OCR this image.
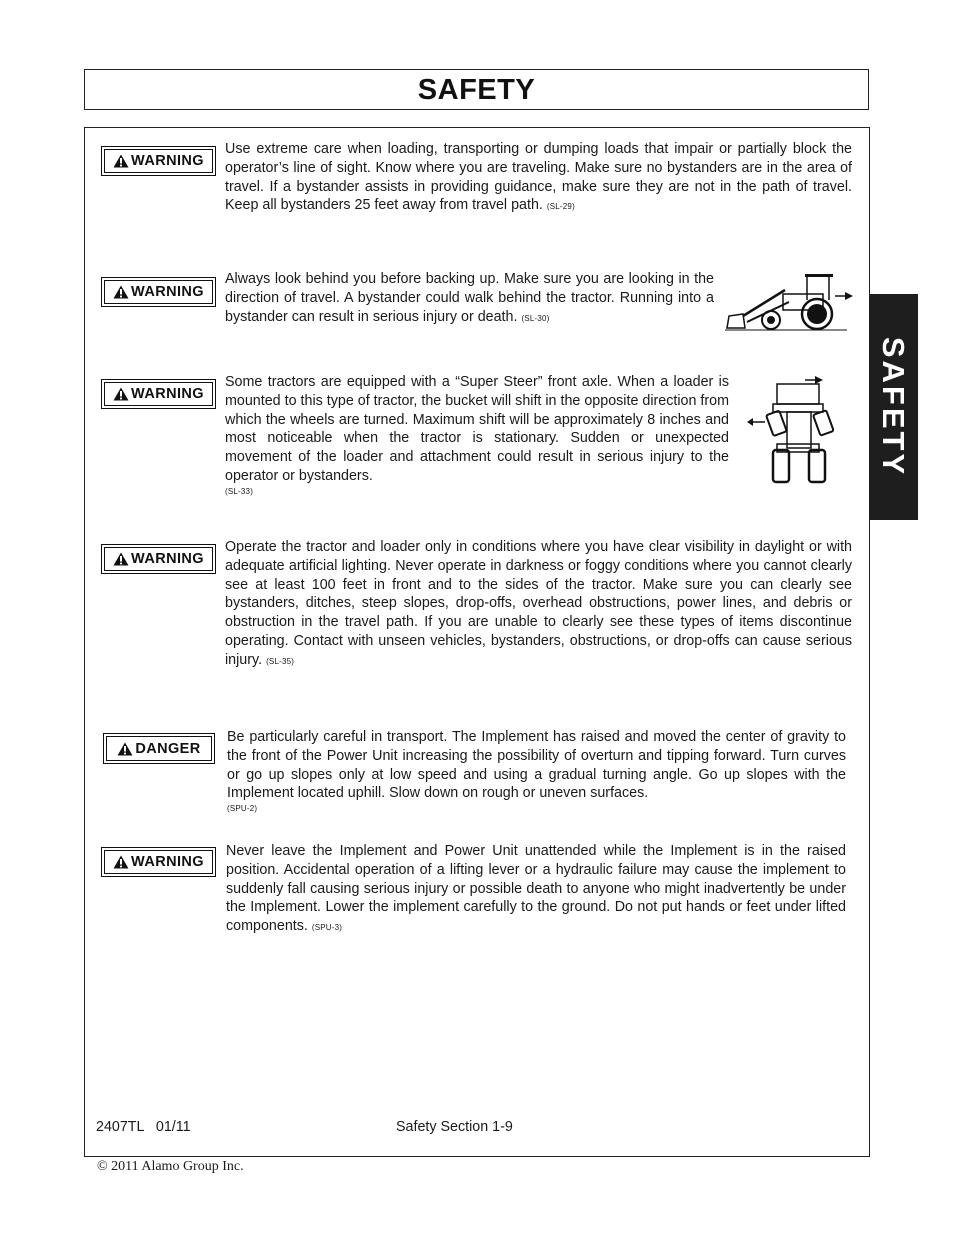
SAFETY
SAFETY
WARNING
Use extreme care when loading, transporting or dumping loads that impair or partially block the operator’s line of sight. Know where you are traveling. Make sure no bystanders are in the area of travel. If a bystander assists in providing guidance, make sure they are not in the path of travel. Keep all bystanders 25 feet away from travel path. (SL-29)
WARNING
Always look behind you before backing up. Make sure you are looking in the direction of travel. A bystander could walk behind the tractor. Running into a bystander can result in serious injury or death. (SL-30)
WARNING
Some tractors are equipped with a “Super Steer” front axle. When a loader is mounted to this type of tractor, the bucket will shift in the opposite direction from which the wheels are turned. Maximum shift will be approximately 8 inches and most noticeable when the tractor is stationary. Sudden or unexpected movement of the loader and attachment could result in serious injury to the operator or bystanders.
(SL-33)
WARNING
Operate the tractor and loader only in conditions where you have clear visibility in daylight or with adequate artificial lighting. Never operate in darkness or foggy conditions where you cannot clearly see at least 100 feet in front and to the sides of the tractor. Make sure you can clearly see bystanders, ditches, steep slopes, drop-offs, overhead obstructions, power lines, and debris or obstruction in the travel path. If you are unable to clearly see these types of items discontinue operating. Contact with unseen vehicles, bystanders, obstructions, or drop-offs can cause serious injury. (SL-35)
DANGER
Be particularly careful in transport. The Implement has raised and moved the center of gravity to the front of the Power Unit increasing the possibility of overturn and tipping forward. Turn curves or go up slopes only at low speed and using a gradual turning angle. Go up slopes with the Implement located uphill. Slow down on rough or uneven surfaces.
(SPU-2)
WARNING
Never leave the Implement and Power Unit unattended while the Implement is in the raised position. Accidental operation of a lifting lever or a hydraulic failure may cause the implement to suddenly fall causing serious injury or possible death to anyone who might inadvertently be under the Implement. Lower the implement carefully to the ground. Do not put hands or feet under lifted components. (SPU-3)
2407TL   01/11	Safety Section 1-9
© 2011 Alamo Group Inc.
